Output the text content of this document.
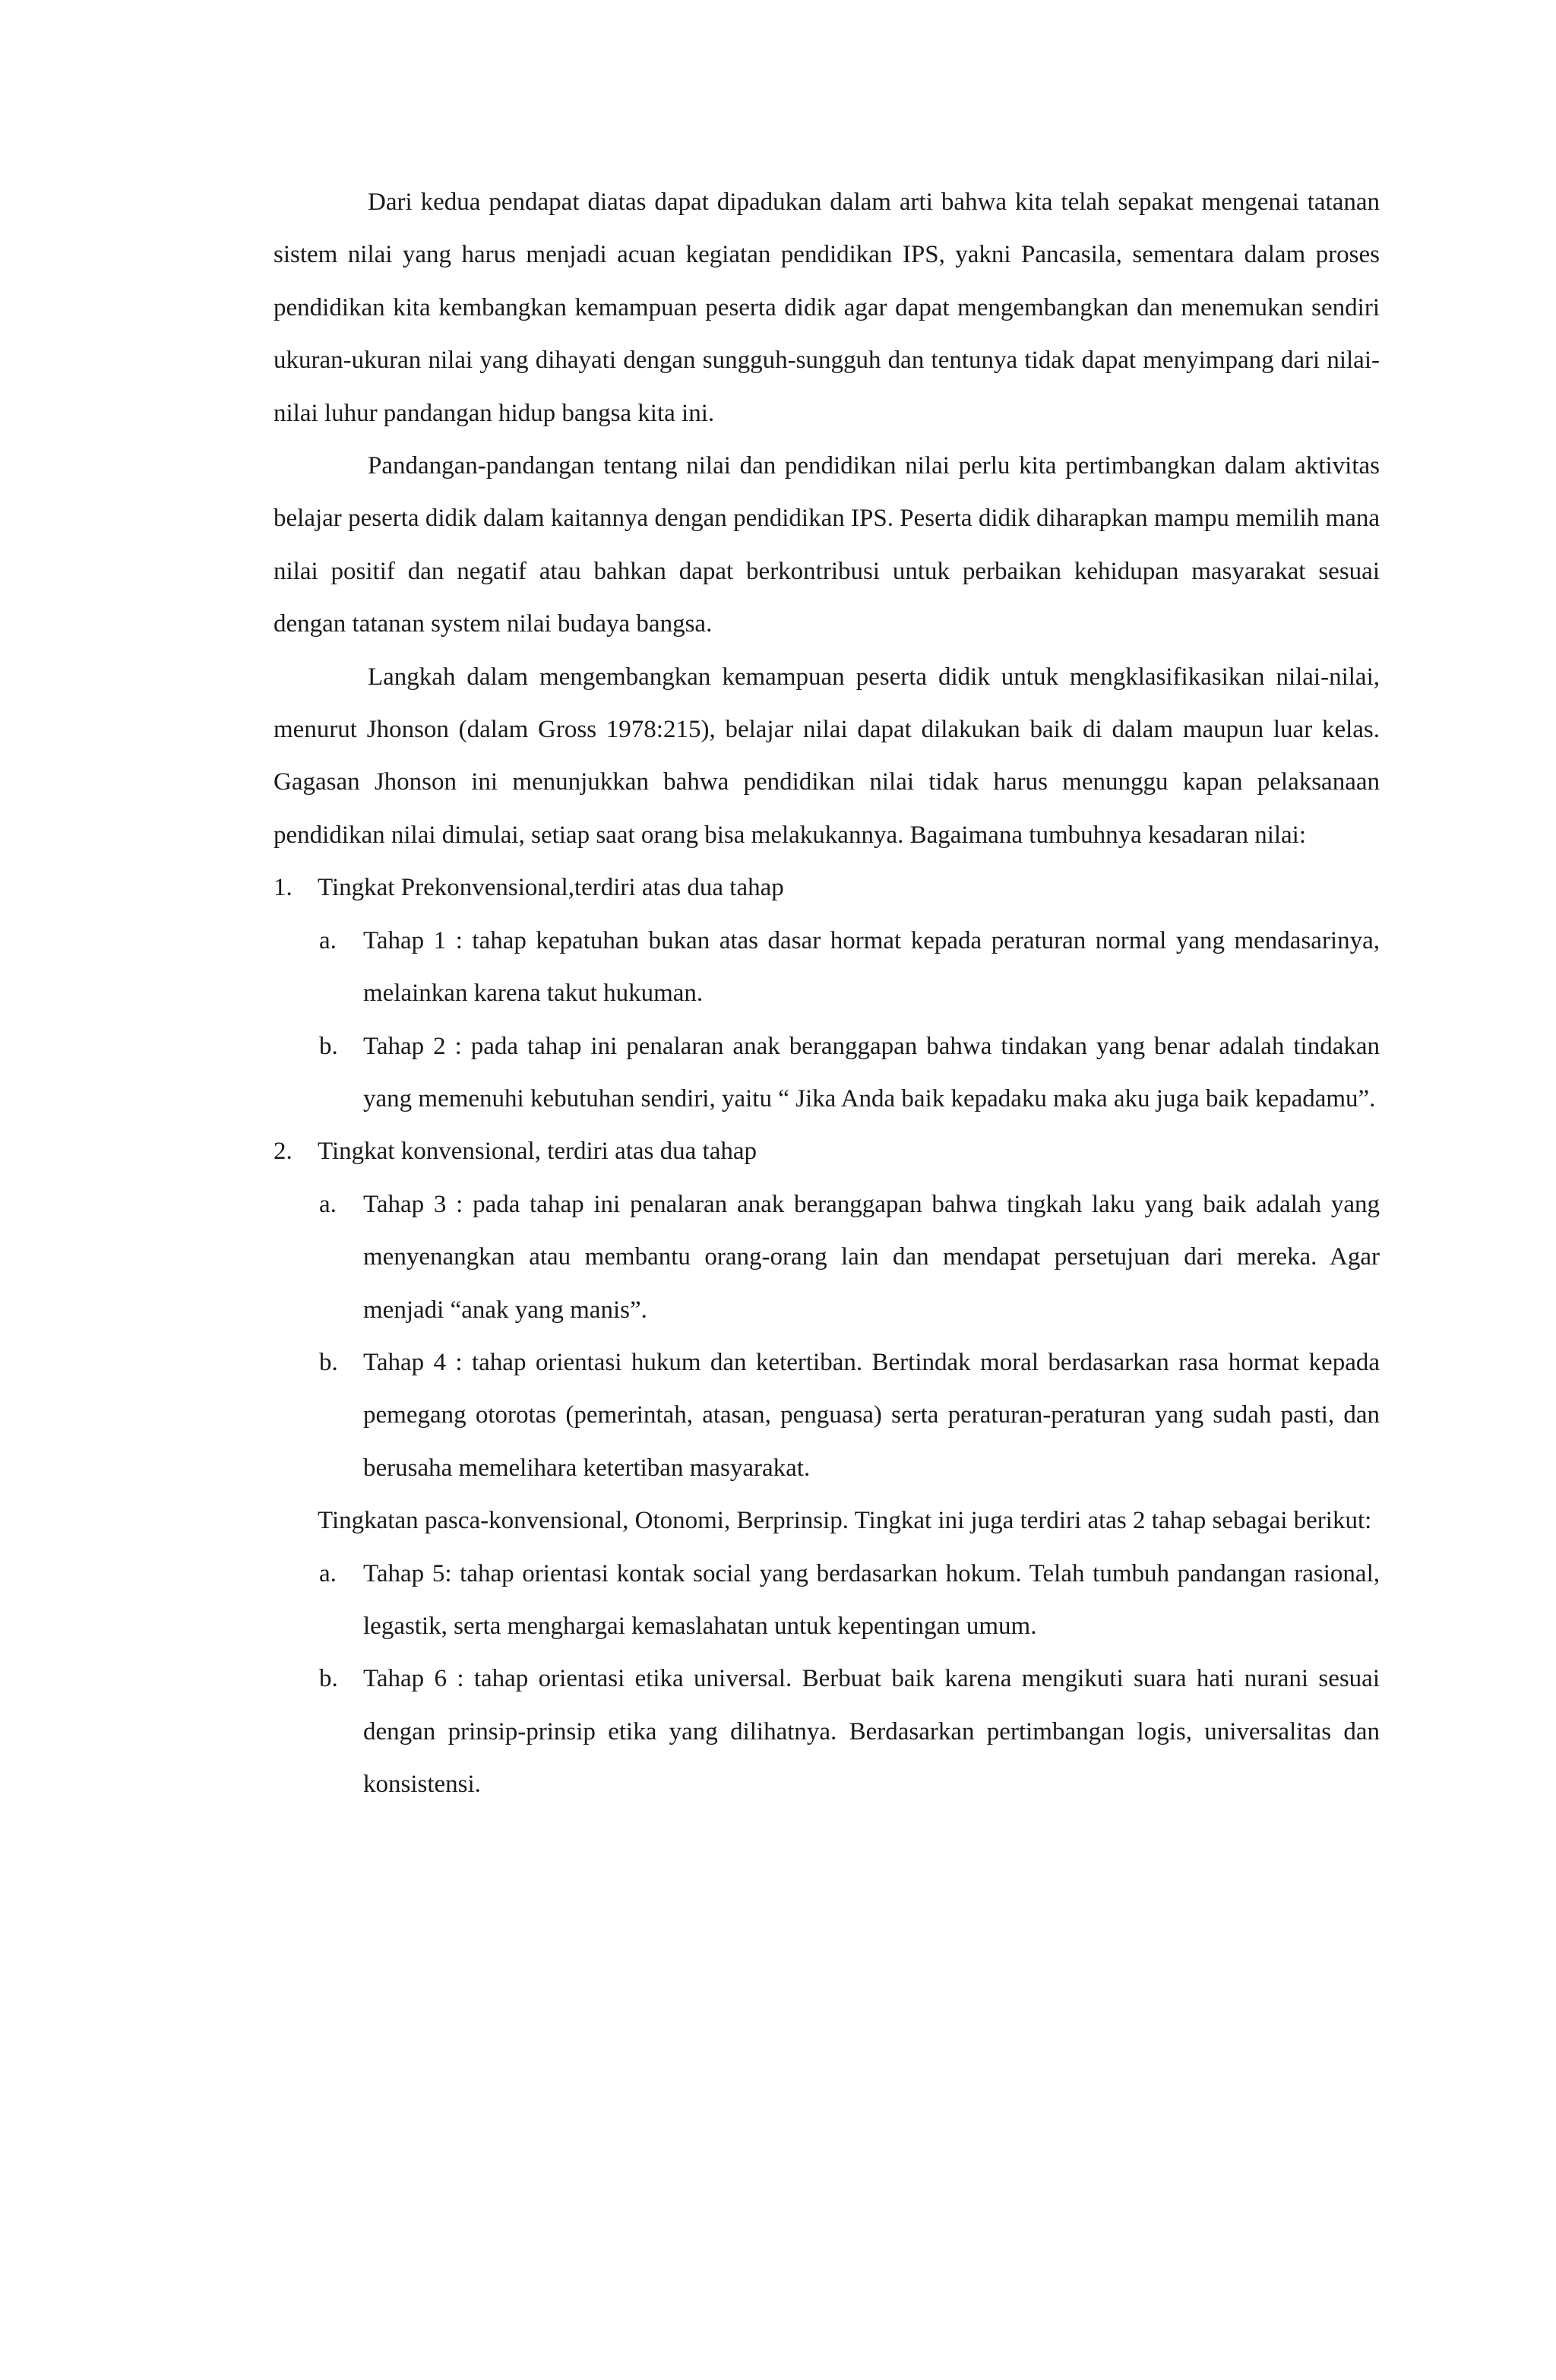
Dari kedua pendapat diatas dapat dipadukan dalam arti bahwa kita telah sepakat mengenai tatanan sistem nilai yang harus menjadi acuan kegiatan pendidikan IPS, yakni Pancasila, sementara dalam proses pendidikan kita kembangkan kemampuan peserta didik agar dapat mengembangkan dan menemukan sendiri ukuran-ukuran nilai yang dihayati dengan sungguh-sungguh dan tentunya tidak dapat menyimpang dari nilai-nilai luhur pandangan hidup bangsa kita ini.

Pandangan-pandangan tentang nilai dan pendidikan nilai perlu kita pertimbangkan dalam aktivitas belajar peserta didik dalam kaitannya dengan pendidikan IPS. Peserta didik diharapkan mampu memilih mana nilai positif dan negatif atau bahkan dapat berkontribusi untuk perbaikan kehidupan masyarakat sesuai dengan tatanan system nilai budaya bangsa.

Langkah dalam mengembangkan kemampuan peserta didik untuk mengklasifikasikan nilai-nilai, menurut Jhonson (dalam Gross 1978:215), belajar nilai dapat dilakukan baik di dalam maupun luar kelas. Gagasan Jhonson ini menunjukkan bahwa pendidikan nilai tidak harus menunggu kapan pelaksanaan pendidikan nilai dimulai, setiap saat orang bisa melakukannya. Bagaimana tumbuhnya kesadaran nilai:

1. Tingkat Prekonvensional,terdiri atas dua tahap
a. Tahap 1 : tahap kepatuhan bukan atas dasar hormat kepada peraturan normal yang mendasarinya, melainkan karena takut hukuman.
b. Tahap 2 : pada tahap ini penalaran anak beranggapan bahwa tindakan yang benar adalah tindakan yang memenuhi kebutuhan sendiri, yaitu “ Jika Anda baik kepadaku maka aku juga baik kepadamu”.
2. Tingkat konvensional, terdiri atas dua tahap
a. Tahap 3 : pada tahap ini penalaran anak beranggapan bahwa tingkah laku yang baik adalah yang menyenangkan atau membantu orang-orang lain dan mendapat persetujuan dari mereka. Agar menjadi “anak yang manis”.
b. Tahap 4 : tahap orientasi hukum dan ketertiban. Bertindak moral berdasarkan rasa hormat kepada pemegang otorotas (pemerintah, atasan, penguasa) serta peraturan-peraturan yang sudah pasti, dan berusaha memelihara ketertiban masyarakat.

Tingkatan pasca-konvensional, Otonomi, Berprinsip. Tingkat ini juga terdiri atas 2 tahap sebagai berikut:

a. Tahap 5: tahap orientasi kontak social yang berdasarkan hokum. Telah tumbuh pandangan rasional, legastik, serta menghargai kemaslahatan untuk kepentingan umum.
b. Tahap 6 : tahap orientasi etika universal. Berbuat baik karena mengikuti suara hati nurani sesuai dengan prinsip-prinsip etika yang dilihatnya. Berdasarkan pertimbangan logis, universalitas dan konsistensi.
